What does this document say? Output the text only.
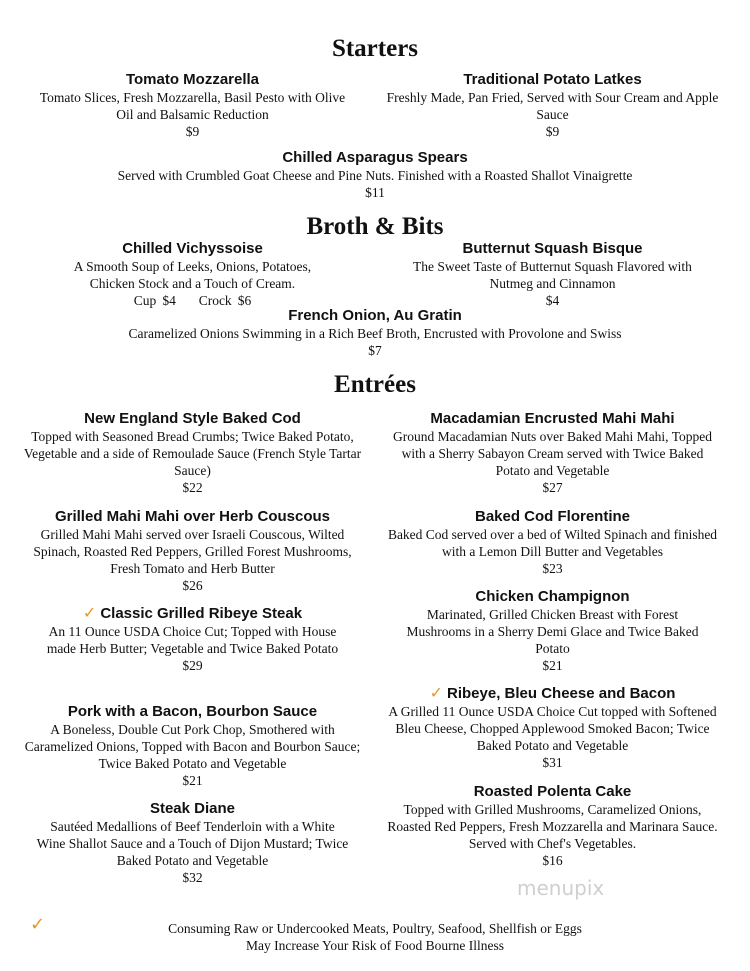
Starters
Broth & Bits
Entrées
Tomato Mozzarella
Tomato Slices, Fresh Mozzarella, Basil Pesto with Olive Oil and Balsamic Reduction
$9
Traditional Potato Latkes
Freshly Made, Pan Fried, Served with Sour Cream and Apple Sauce
$9
Chilled Asparagus Spears
Served with Crumbled Goat Cheese and Pine Nuts. Finished with a Roasted Shallot Vinaigrette
$11
Chilled Vichyssoise
A Smooth Soup of Leeks, Onions, Potatoes, Chicken Stock and a Touch of Cream.
Cup $4 Crock $6
Butternut Squash Bisque
The Sweet Taste of Butternut Squash Flavored with Nutmeg and Cinnamon
$4
French Onion, Au Gratin
Caramelized Onions Swimming in a Rich Beef Broth, Encrusted with Provolone and Swiss
$7
New England Style Baked Cod
Topped with Seasoned Bread Crumbs; Twice Baked Potato, Vegetable and a side of Remoulade Sauce (French Style Tartar Sauce)
$22
Grilled Mahi Mahi over Herb Couscous
Grilled Mahi Mahi served over Israeli Couscous, Wilted Spinach, Roasted Red Peppers, Grilled Forest Mushrooms, Fresh Tomato and Herb Butter
$26
✓ Classic Grilled Ribeye Steak
An 11 Ounce USDA Choice Cut; Topped with House made Herb Butter; Vegetable and Twice Baked Potato
$29
Pork with a Bacon, Bourbon Sauce
A Boneless, Double Cut Pork Chop, Smothered with Caramelized Onions, Topped with Bacon and Bourbon Sauce; Twice Baked Potato and Vegetable
$21
Steak Diane
Sautéed Medallions of Beef Tenderloin with a White Wine Shallot Sauce and a Touch of Dijon Mustard; Twice Baked Potato and Vegetable
$32
Macadamian Encrusted Mahi Mahi
Ground Macadamian Nuts over Baked Mahi Mahi, Topped with a Sherry Sabayon Cream served with Twice Baked Potato and Vegetable
$27
Baked Cod Florentine
Baked Cod served over a bed of Wilted Spinach and finished with a Lemon Dill Butter and Vegetables
$23
Chicken Champignon
Marinated, Grilled Chicken Breast with Forest Mushrooms in a Sherry Demi Glace and Twice Baked Potato
$21
✓ Ribeye, Bleu Cheese and Bacon
A Grilled 11 Ounce USDA Choice Cut topped with Softened Bleu Cheese, Chopped Applewood Smoked Bacon; Twice Baked Potato and Vegetable
$31
Roasted Polenta Cake
Topped with Grilled Mushrooms, Caramelized Onions, Roasted Red Peppers, Fresh Mozzarella and Marinara Sauce. Served with Chef's Vegetables.
$16
menupix
✓	Consuming Raw or Undercooked Meats, Poultry, Seafood, Shellfish or Eggs
May Increase Your Risk of Food Bourne Illness
